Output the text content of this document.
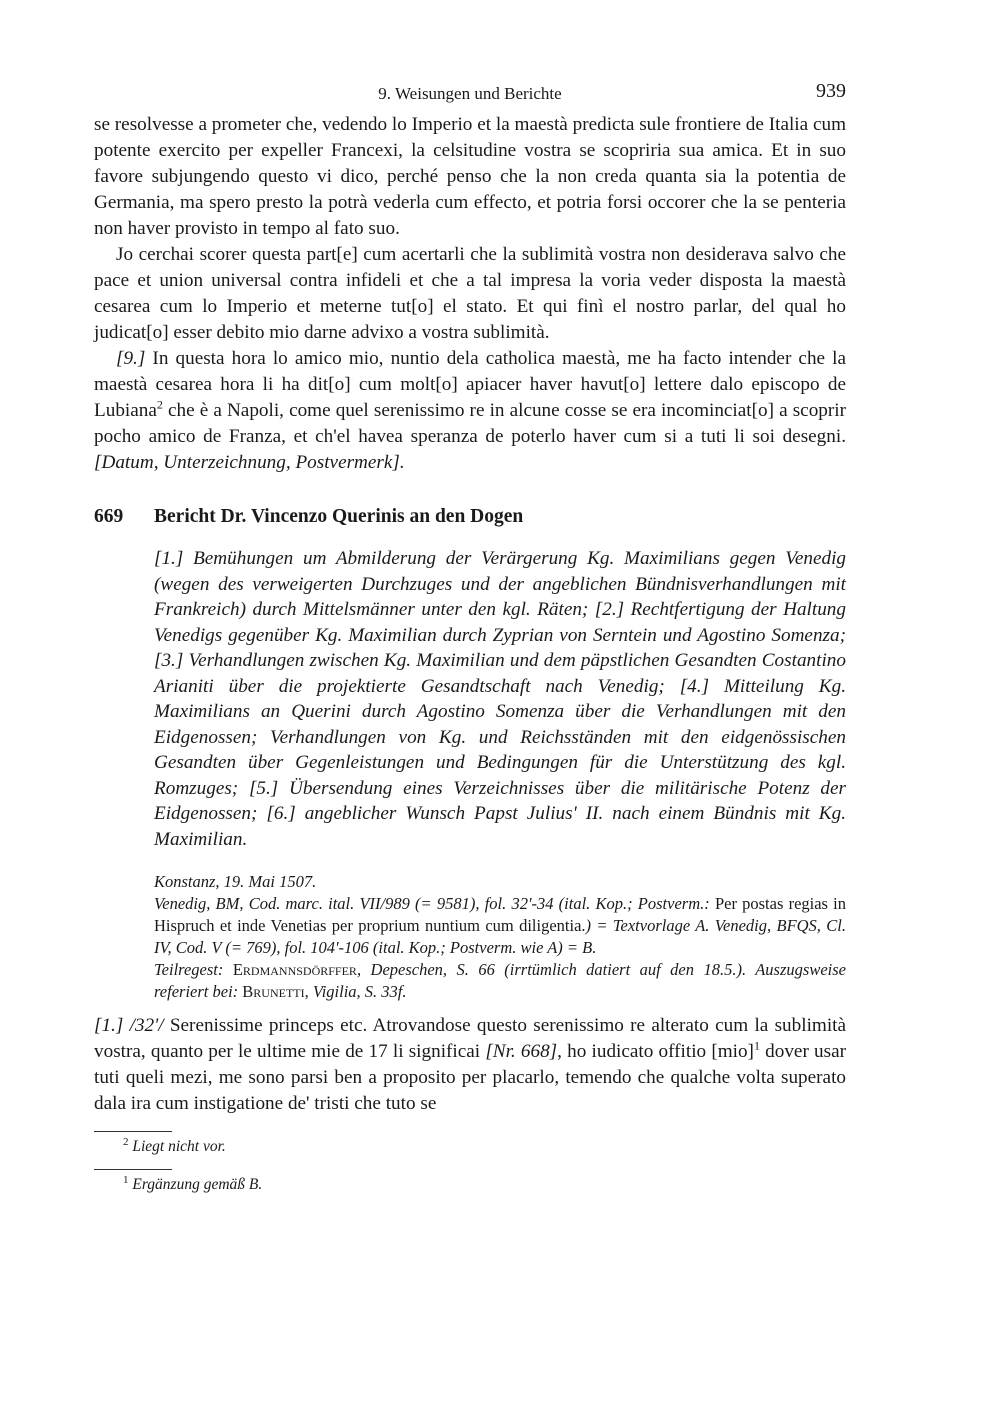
9. Weisungen und Berichte	939

se resolvesse a prometer che, vedendo lo Imperio et la maestà predicta sule frontiere de Italia cum potente exercito per expeller Francexi, la celsitudine vostra se scopriria sua amica. Et in suo favore subjungendo questo vi dico, perché penso che la non creda quanta sia la potentia de Germania, ma spero presto la potrà vederla cum effecto, et potria forsi occorer che la se penteria non haver provisto in tempo al fato suo.

Jo cerchai scorer questa part[e] cum acertarli che la sublimità vostra non desiderava salvo che pace et union universal contra infideli et che a tal impresa la voria veder disposta la maestà cesarea cum lo Imperio et meterne tut[o] el stato. Et qui finì el nostro parlar, del qual ho judicat[o] esser debito mio darne advixo a vostra sublimità.

[9.] In questa hora lo amico mio, nuntio dela catholica maestà, me ha facto intender che la maestà cesarea hora li ha dit[o] cum molt[o] apiacer haver havut[o] lettere dalo episcopo de Lubiana$^2$ che è a Napoli, come quel serenissimo re in alcune cosse se era incominciat[o] a scoprir pocho amico de Franza, et ch'el havea speranza de poterlo haver cum si a tuti li soi desegni. [Datum, Unterzeichnung, Postvermerk].

669	Bericht Dr. Vincenzo Querinis an den Dogen

[1.] Bemühungen um Abmilderung der Verärgerung Kg. Maximilians gegen Venedig (wegen des verweigerten Durchzuges und der angeblichen Bündnisverhandlungen mit Frankreich) durch Mittelsmänner unter den kgl. Räten; [2.] Rechtfertigung der Haltung Venedigs gegenüber Kg. Maximilian durch Zyprian von Serntein und Agostino Somenza; [3.] Verhandlungen zwischen Kg. Maximilian und dem päpstlichen Gesandten Costantino Arianiti über die projektierte Gesandtschaft nach Venedig; [4.] Mitteilung Kg. Maximilians an Querini durch Agostino Somenza über die Verhandlungen mit den Eidgenossen; Verhandlungen von Kg. und Reichsständen mit den eidgenössischen Gesandten über Gegenleistungen und Bedingungen für die Unterstützung des kgl. Romzuges; [5.] Übersendung eines Verzeichnisses über die militärische Potenz der Eidgenossen; [6.] angeblicher Wunsch Papst Julius' II. nach einem Bündnis mit Kg. Maximilian.

Konstanz, 19. Mai 1507.
Venedig, BM, Cod. marc. ital. VII/989 (= 9581), fol. 32'-34 (ital. Kop.; Postverm.: Per postas regias in Hispruch et inde Venetias per proprium nuntium cum diligentia.) = Textvorlage A. Venedig, BFQS, Cl. IV, Cod. V (= 769), fol. 104'-106 (ital. Kop.; Postverm. wie A) = B.
Teilregest: Erdmannsdörffer, Depeschen, S. 66 (irrtümlich datiert auf den 18.5.). Auszugsweise referiert bei: Brunetti, Vigilia, S. 33f.

[1.] /32'/ Serenissime princeps etc. Atrovandose questo serenissimo re alterato cum la sublimità vostra, quanto per le ultime mie de 17 li significai [Nr. 668], ho iudicato offitio [mio]$^1$ dover usar tuti queli mezi, me sono parsi ben a proposito per placarlo, temendo che qualche volta superato dala ira cum instigatione de' tristi che tuto se

$^2$ Liegt nicht vor.
$^1$ Ergänzung gemäß B.
